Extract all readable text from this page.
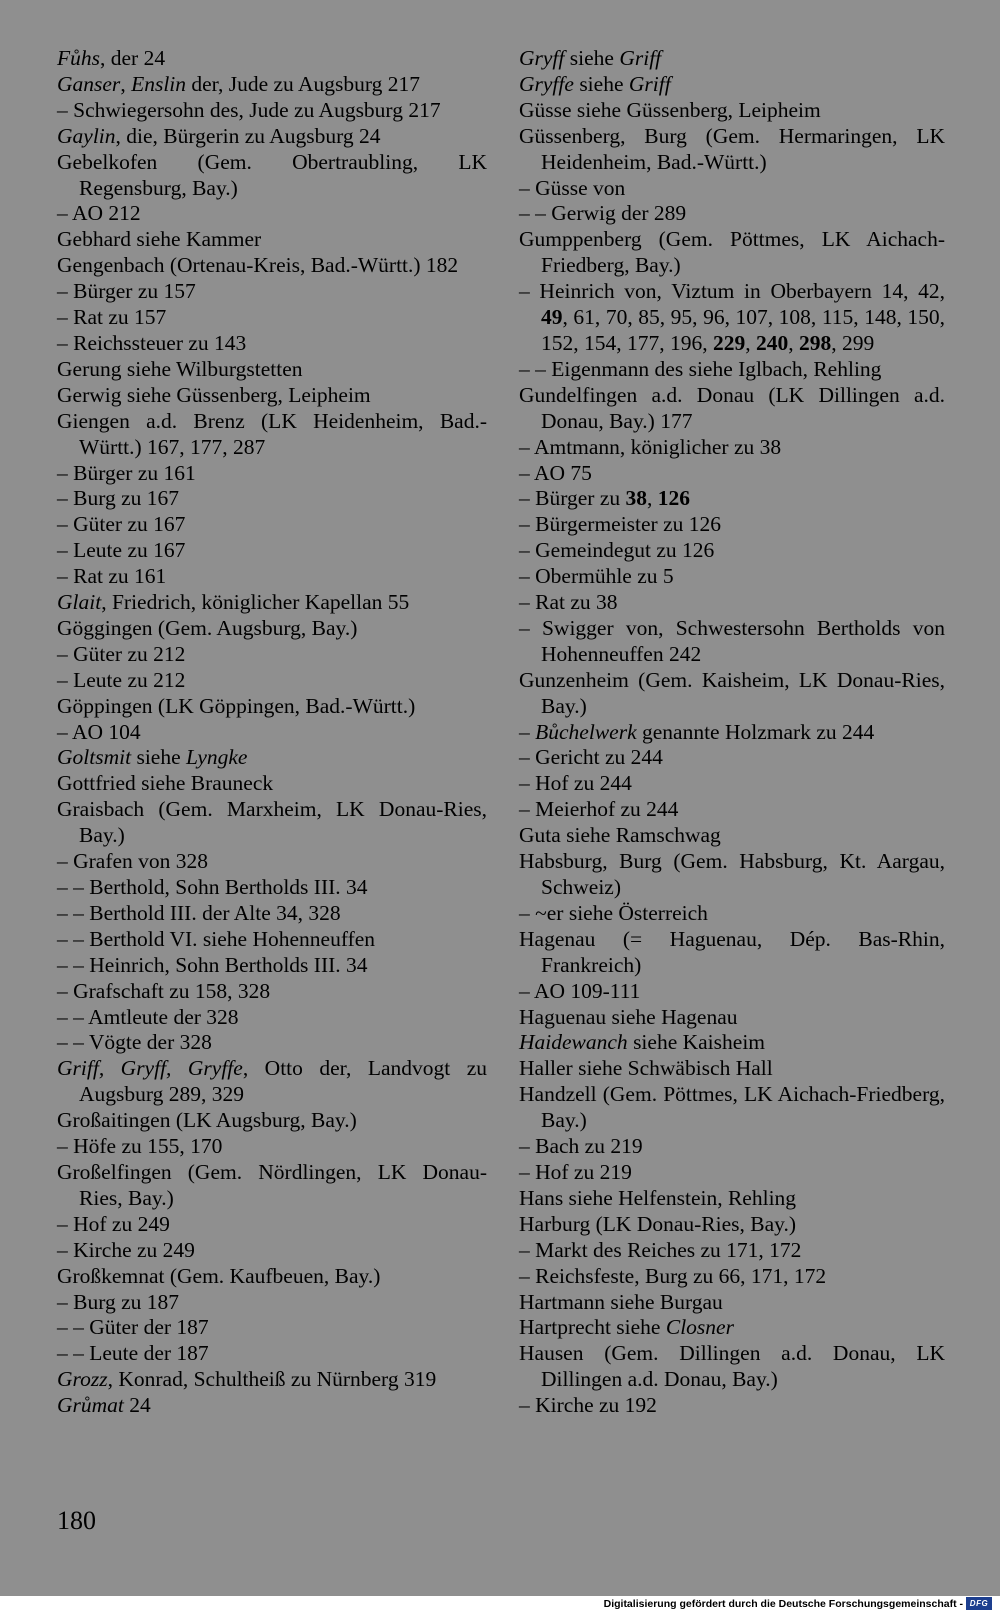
Fůhs, der 24
Ganser, Enslin der, Jude zu Augsburg 217
– Schwiegersohn des, Jude zu Augsburg 217
Gaylin, die, Bürgerin zu Augsburg 24
Gebelkofen (Gem. Obertraubling, LK Regensburg, Bay.)
– AO 212
Gebhard siehe Kammer
Gengenbach (Ortenau-Kreis, Bad.-Württ.) 182
– Bürger zu 157
– Rat zu 157
– Reichssteuer zu 143
Gerung siehe Wilburgstetten
Gerwig siehe Güssenberg, Leipheim
Giengen a.d. Brenz (LK Heidenheim, Bad.-Württ.) 167, 177, 287
– Bürger zu 161
– Burg zu 167
– Güter zu 167
– Leute zu 167
– Rat zu 161
Glait, Friedrich, königlicher Kapellan 55
Göggingen (Gem. Augsburg, Bay.)
– Güter zu 212
– Leute zu 212
Göppingen (LK Göppingen, Bad.-Württ.)
– AO 104
Goltsmit siehe Lyngke
Gottfried siehe Brauneck
Graisbach (Gem. Marxheim, LK Donau-Ries, Bay.)
– Grafen von 328
– – Berthold, Sohn Bertholds III. 34
– – Berthold III. der Alte 34, 328
– – Berthold VI. siehe Hohenneuffen
– – Heinrich, Sohn Bertholds III. 34
– Grafschaft zu 158, 328
– – Amtleute der 328
– – Vögte der 328
Griff, Gryff, Gryffe, Otto der, Landvogt zu Augsburg 289, 329
Großaitingen (LK Augsburg, Bay.)
– Höfe zu 155, 170
Großelfingen (Gem. Nördlingen, LK Donau-Ries, Bay.)
– Hof zu 249
– Kirche zu 249
Großkemnat (Gem. Kaufbeuen, Bay.)
– Burg zu 187
– – Güter der 187
– – Leute der 187
Grozz, Konrad, Schultheiß zu Nürnberg 319
Grůmat 24
Gryff siehe Griff
Gryffe siehe Griff
Güsse siehe Güssenberg, Leipheim
Güssenberg, Burg (Gem. Hermaringen, LK Heidenheim, Bad.-Württ.)
– Güsse von
– – Gerwig der 289
Gumppenberg (Gem. Pöttmes, LK Aichach-Friedberg, Bay.)
– Heinrich von, Viztum in Oberbayern 14, 42, 49, 61, 70, 85, 95, 96, 107, 108, 115, 148, 150, 152, 154, 177, 196, 229, 240, 298, 299
– – Eigenmann des siehe Iglbach, Rehling
Gundelfingen a.d. Donau (LK Dillingen a.d. Donau, Bay.) 177
– Amtmann, königlicher zu 38
– AO 75
– Bürger zu 38, 126
– Bürgermeister zu 126
– Gemeindegut zu 126
– Obermühle zu 5
– Rat zu 38
– Swigger von, Schwestersohn Bertholds von Hohenneuffen 242
Gunzenheim (Gem. Kaisheim, LK Donau-Ries, Bay.)
– Bůchelwerk genannte Holzmark zu 244
– Gericht zu 244
– Hof zu 244
– Meierhof zu 244
Guta siehe Ramschwag
Habsburg, Burg (Gem. Habsburg, Kt. Aargau, Schweiz)
– ~er siehe Österreich
Hagenau (= Haguenau, Dép. Bas-Rhin, Frankreich)
– AO 109-111
Haguenau siehe Hagenau
Haidewanch siehe Kaisheim
Haller siehe Schwäbisch Hall
Handzell (Gem. Pöttmes, LK Aichach-Friedberg, Bay.)
– Bach zu 219
– Hof zu 219
Hans siehe Helfenstein, Rehling
Harburg (LK Donau-Ries, Bay.)
– Markt des Reiches zu 171, 172
– Reichsfeste, Burg zu 66, 171, 172
Hartmann siehe Burgau
Hartprecht siehe Closner
Hausen (Gem. Dillingen a.d. Donau, LK Dillingen a.d. Donau, Bay.)
– Kirche zu 192
180
Digitalisierung gefördert durch die Deutsche Forschungsgemeinschaft - DFG
